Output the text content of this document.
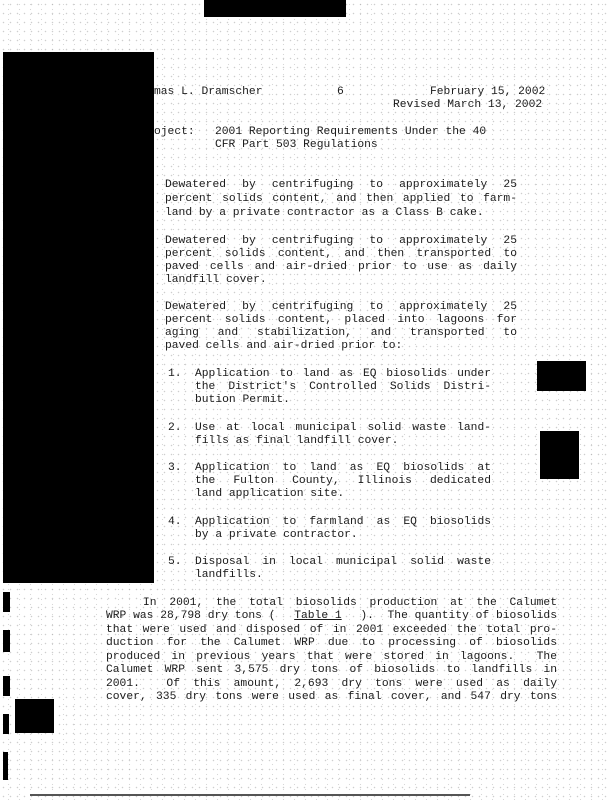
mas L. Dramscher	6	February 15, 2002
Revised March 13, 2002
oject: 2001 Reporting Requirements Under the 40
CFR Part 503 Regulations
Dewatered by centrifuging to approximately 25
percent solids content, and then applied to farm-
land by a private contractor as a Class B cake.
Dewatered by centrifuging to approximately 25
percent solids content, and then transported to
paved cells and air-dried prior to use as daily
landfill cover.
Dewatered by centrifuging to approximately 25
percent solids content, placed into lagoons for
aging and stabilization, and transported to
paved cells and air-dried prior to:
1. Application to land as EQ biosolids under
the District's Controlled Solids Distri-
bution Permit.
2. Use at local municipal solid waste land-
fills as final landfill cover.
3. Application to land as EQ biosolids at
the Fulton County, Illinois dedicated
land application site.
4. Application to farmland as EQ biosolids
by a private contractor.
5. Disposal in local municipal solid waste
landfills.
In 2001, the total biosolids production at the Calumet
WRP was 28,798 dry tons ( Table 1 ).  The quantity of biosolids
that were used and disposed of in 2001 exceeded the total pro-
duction for the Calumet WRP due to processing of biosolids
produced in previous years that were stored in lagoons.  The
Calumet WRP sent 3,575 dry tons of biosolids to landfills in
2001.  Of this amount, 2,693 dry tons were used as daily
cover, 335 dry tons were used as final cover, and 547 dry tons
